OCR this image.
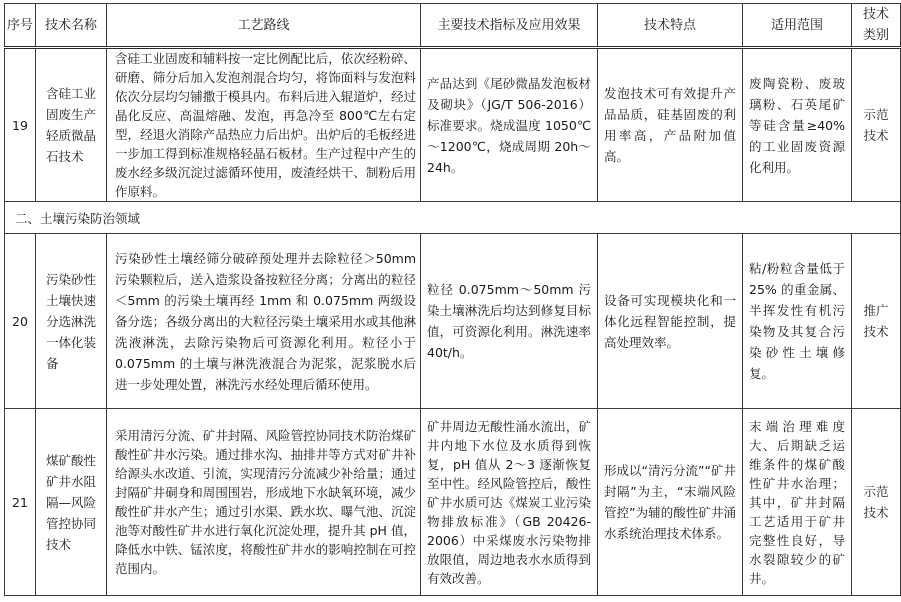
序号	技术名称	工艺路线	主要技术指标及应用效果	技术特点	适用范围	技术类别
19	含硅工业固废生产轻质微晶石技术	含硅工业固废和辅料按一定比例配比后，依次经粉碎、研磨、筛分后加入发泡剂混合均匀，将饰面料与发泡料依次分层均匀铺撒于模具内。布料后进入辊道炉，经过晶化反应、高温熔融、发泡，再急冷至 800℃左右定型，经退火消除产品热应力后出炉。出炉后的毛板经进一步加工得到标准规格轻晶石板材。生产过程中产生的废水经多级沉淀过滤循环使用，废渣经烘干、制粉后用作原料。	产品达到《尾砂微晶发泡板材及砌块》（JG/T 506-2016）标准要求。烧成温度 1050℃～1200℃，烧成周期 20h～24h。	发泡技术可有效提升产品品质，硅基固废的利用率高，产品附加值高。	废陶瓷粉、废玻璃粉、石英尾矿等硅含量≥40%的工业固废资源化利用。	示范技术
二、土壤污染防治领域						
20	污染砂性土壤快速分选淋洗一体化装备	污染砂性土壤经筛分破碎预处理并去除粒径＞50mm 污染颗粒后，送入造浆设备按粒径分离；分离出的粒径＜5mm 的污染土壤再经 1mm 和 0.075mm 两级设备分选；各级分离出的大粒径污染土壤采用水或其他淋洗液淋洗，去除污染物后可资源化利用。粒径小于 0.075mm 的土壤与淋洗液混合为泥浆，泥浆脱水后进一步处理处置，淋洗污水经处理后循环使用。	粒径 0.075mm～50mm 污染土壤淋洗后均达到修复目标值，可资源化利用。淋洗速率 40t/h。	设备可实现模块化和一体化远程智能控制，提高处理效率。	粘/粉粒含量低于 25% 的重金属、半挥发性有机污染物及其复合污染砂性土壤修复。	推广技术
21	煤矿酸性矿井水阻隔—风险管控协同技术	采用清污分流、矿井封隔、风险管控协同技术防治煤矿酸性矿井水污染。通过排水沟、抽排井等方式对矿井补给源头水改道、引流，实现清污分流减少补给量；通过封隔矿井硐身和周围围岩，形成地下水缺氧环境，减少酸性矿井水产生；通过引水渠、跌水坎、曝气池、沉淀池等对酸性矿井水进行氧化沉淀处理，提升其 pH 值，降低水中铁、锰浓度，将酸性矿井水的影响控制在可控范围内。	矿井周边无酸性涌水流出，矿井内地下水位及水质得到恢复，pH 值从 2～3 逐渐恢复至中性。经风险管控后，酸性矿井水质可达《煤炭工业污染物排放标准》（GB 20426-2006）中采煤废水污染物排放限值，周边地表水水质得到有效改善。	形成以“清污分流”“矿井封隔”为主，“末端风险管控”为辅的酸性矿井涌水系统治理技术体系。	末端治理难度大、后期缺乏运维条件的煤矿酸性矿井水治理；其中，矿井封隔工艺适用于矿井完整性良好，导水裂隙较少的矿井。	示范技术
